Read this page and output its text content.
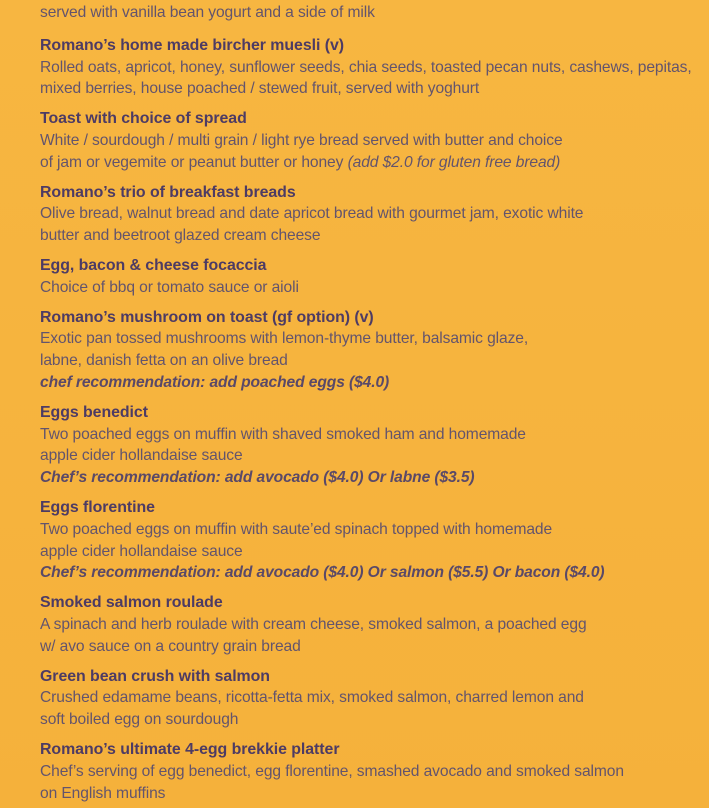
served with vanilla bean yogurt and a side of milk
Romano’s home made bircher muesli (v)
Rolled oats, apricot, honey, sunflower seeds, chia seeds, toasted pecan nuts, cashews, pepitas,
mixed berries, house poached / stewed fruit, served with yoghurt
Toast with choice of spread
White / sourdough / multi grain / light rye bread served with butter and choice
of jam or vegemite or peanut butter or honey (add $2.0 for gluten free bread)
Romano’s trio of breakfast breads
Olive bread, walnut bread and date apricot bread with gourmet jam, exotic white
butter and beetroot glazed cream cheese
Egg, bacon & cheese focaccia
Choice of bbq or tomato sauce or aioli
Romano’s mushroom on toast (gf option) (v)
Exotic pan tossed mushrooms with lemon-thyme butter, balsamic glaze,
labne, danish fetta on an olive bread
chef recommendation: add poached eggs ($4.0)
Eggs benedict
Two poached eggs on muffin with shaved smoked ham and homemade
apple cider hollandaise sauce
Chef’s recommendation: add avocado ($4.0) Or labne ($3.5)
Eggs florentine
Two poached eggs on muffin with saute’ed spinach topped with homemade
apple cider hollandaise sauce
Chef’s recommendation: add avocado ($4.0) Or salmon ($5.5) Or bacon ($4.0)
Smoked salmon roulade
A spinach and herb roulade with cream cheese, smoked salmon, a poached egg
w/ avo sauce on a country grain bread
Green bean crush with salmon
Crushed edamame beans, ricotta-fetta mix, smoked salmon, charred lemon and
soft boiled egg on sourdough
Romano’s ultimate 4-egg brekkie platter
Chef’s serving of egg benedict, egg florentine, smashed avocado and smoked salmon
on English muffins
